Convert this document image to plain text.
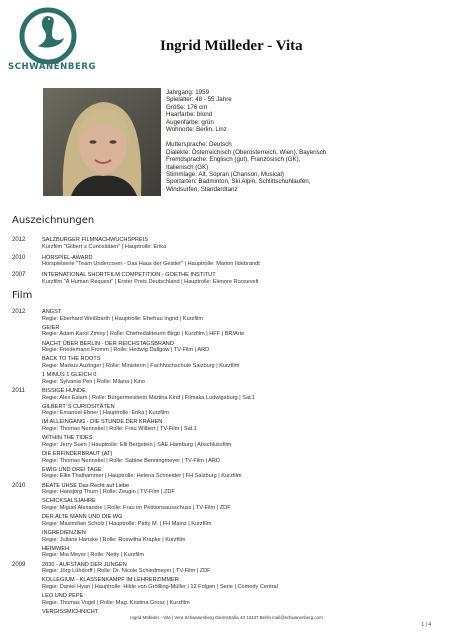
SCHWANENBERG
Ingrid Mülleder - Vita
Jahrgang: 1959
Spielalter: 48 - 55 Jahre
Größe: 176 cm
Haarfarbe: blond
Augenfarbe: grün
Wohnorte: Berlin, Linz
Muttersprache: Deutsch
Dialekte: Österreichisch (Oberösterreich, Wien), Bayerisch
Fremdsprache: Englisch (gut), Französisch (GK),
Italienisch (GK)
Stimmlage: Alt, Sopran (Chanson, Musical)
Sportarten: Badminton, Ski Alpin, Schlittschuhlaufen,
Windsurfen, Standardtanz
Auszeichnungen
2012	SALZBURGER FILMNACHWUCHSPREIS
Kurzfilm "Gilbert´s Curiositäten" | Hauptrolle: Erika
2010	HÖRSPIEL-AWARD
Hörspielserie "Team Undercover - Das Haus der Geister" | Hauptrolle: Marion Ildebrandt
2007	INTERNATIONAL SHORTFILM COMPETITION - GOETHE INSTITUT
Kurzfilm "A Human Request" | Erster Preis Deutschland | Hauptrolle: Elenore Roosevelt
Film
2012	ANGST
Regie: Eberhard Weißbarth | Hauptrolle: Ehefrau Ingrid | Kurzfilm
GEIER
Regie: Adam Karol Zimny | Rolle: Chefredakteurin Birgit | Kurzfilm | HFF | BR/Arte
NACHT ÜBER BERLIN - DER REICHSTAGSBRAND
Regie: Friedemann Fromm | Rolle: Hedwig Dallgow | TV-Film | ARD
BACK TO THE ROOTS
Regie: Markus Auzinger | Rolle: Ministerin | Fachhochschule Salzburg | Kurzfilm
1 MINUS 1 GLEICH 0
Regie: Sylvania Pen | Rolle: Milana | Kino
2011	BISSIGE HUNDE
Regie: Alex Eslam | Rolle: Bürgermeisterin Martina Kind | Filmaka Ludwigsburg | Sat.1
GILBERT´S CURIOSITÄTEN
Regie: Emanuel Ebner | Hauptrolle: Erika | Kurzfilm
IM ALLEINGANG - DIE STUNDE DER KRÄHEN
Regie: Thomas Nennstiel | Rolle: Frau Wilbert | TV-Film | Sat.1
WITHIN THE TIDES
Regie: Jerry Suen | Hauptrolle: Elli Bergstein | SAE Hamburg | Abschlussfilm
DIE ERFINDERBRAUT (AT)
Regie: Thomas Nennstiel | Rolle: Sabine Benningmeyer | TV-Film | ARD
EWIG UND DREI TAGE
Regie: Elke Thalhammer | Hauptrolle: Helena Schneider | FH Salzburg | Kurzfilm
2010	BEATE UHSE Das Recht auf Liebe
Regie: Hansjörg Thurn | Rolle: Zeugin | TV-Film | ZDF
SCHICKSALSJAHRE
Regie: Miguel Alexandre | Rolle: Frau im Petitionsausschuss | TV-Film | ZDF
DER ALTE MANN UND DIE WG
Regie: Maximilian Scholz | Hauptrolle: Patty M. | FH Mainz | Kurzfilm
INGREDIENZIEN
Regie: Juliane Hanske | Rolle: Roswitha Krapke | Kurzfilm
HEIMWEH
Regie: Mia Meyer | Rolle: Netty | Kurzfilm
2009	2030 - AUFSTAND DER JUNGEN
Regie: Jörg Lühdorff | Rolle: Dr. Nicole Schiedmeyer | TV-Film | ZDF
KOLLEGIUM - KLASSENKAMPF IM LEHRERZIMMER
Regie: Daniel Hyan | Hauptrolle: Hilde von Gröllling-Müller | 12 Folgen | Serie | Comedy Central
LEO UND PEPE
Regie: Thomas Vogel | Rolle: Mag. Kristina Grosz | Kurzfilm
VERGISSMICHNICHT
Ingrid Mülleder - Vita | Vera Schwanenberg Gleimstraße 43 10437 Berlin mail@schwanenberg.com
1 | 4
